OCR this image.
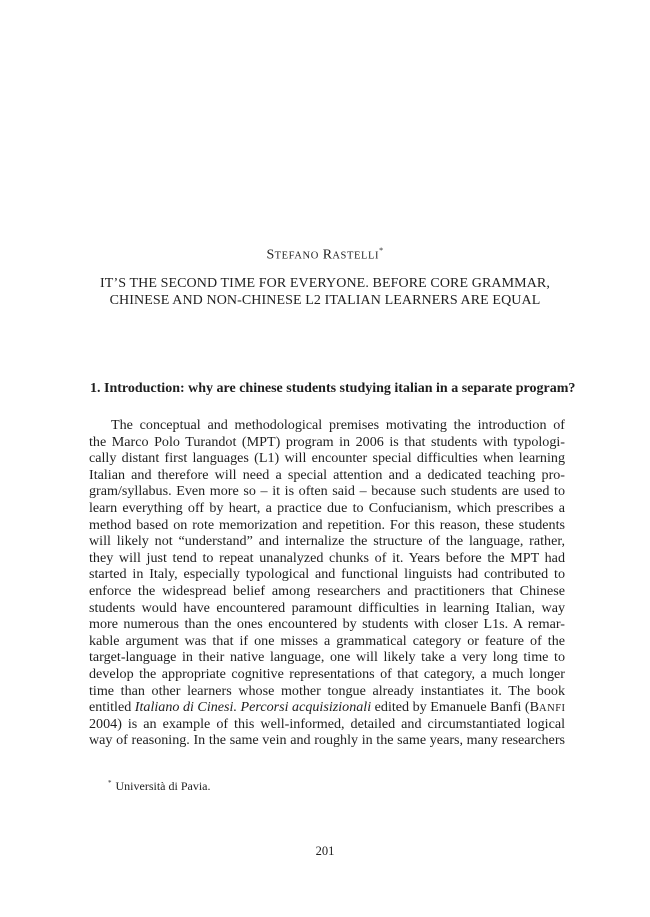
STEFANO RASTELLI*
IT’S THE SECOND TIME FOR EVERYONE. BEFORE CORE GRAMMAR,
CHINESE AND NON-CHINESE L2 ITALIAN LEARNERS ARE EQUAL
1. Introduction: why are chinese students studying italian in a separate program?
The conceptual and methodological premises motivating the introduction of
the Marco Polo Turandot (MPT) program in 2006 is that students with typologi-
cally distant first languages (L1) will encounter special difficulties when learning
Italian and therefore will need a special attention and a dedicated teaching pro-
gram/syllabus. Even more so – it is often said – because such students are used to
learn everything off by heart, a practice due to Confucianism, which prescribes a
method based on rote memorization and repetition. For this reason, these students
will likely not “understand” and internalize the structure of the language, rather,
they will just tend to repeat unanalyzed chunks of it. Years before the MPT had
started in Italy, especially typological and functional linguists had contributed to
enforce the widespread belief among researchers and practitioners that Chinese
students would have encountered paramount difficulties in learning Italian, way
more numerous than the ones encountered by students with closer L1s. A remar-
kable argument was that if one misses a grammatical category or feature of the
target-language in their native language, one will likely take a very long time to
develop the appropriate cognitive representations of that category, a much longer
time than other learners whose mother tongue already instantiates it. The book
entitled Italiano di Cinesi. Percorsi acquisizionali edited by Emanuele Banfi (BANFI
2004) is an example of this well-informed, detailed and circumstantiated logical
way of reasoning. In the same vein and roughly in the same years, many researchers
* Università di Pavia.
201
